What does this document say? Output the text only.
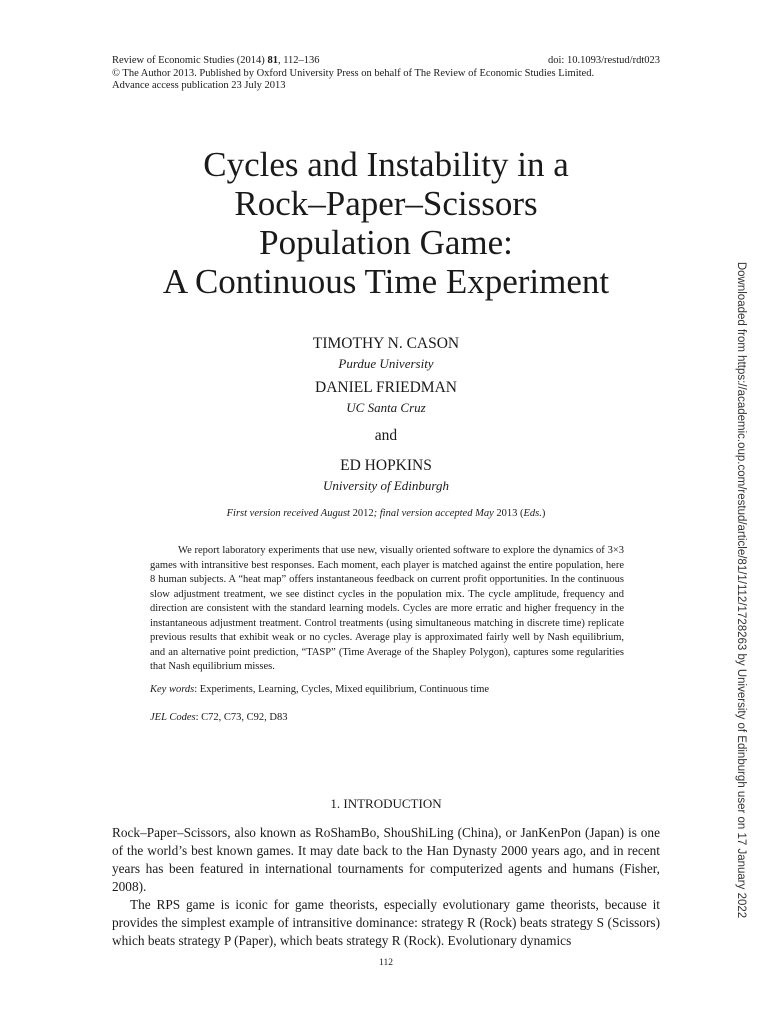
Review of Economic Studies (2014) 81, 112–136	doi: 10.1093/restud/rdt023
© The Author 2013. Published by Oxford University Press on behalf of The Review of Economic Studies Limited.
Advance access publication 23 July 2013
Cycles and Instability in a
Rock–Paper–Scissors
Population Game:
A Continuous Time Experiment
TIMOTHY N. CASON
Purdue University
DANIEL FRIEDMAN
UC Santa Cruz
and
ED HOPKINS
University of Edinburgh
First version received August 2012; final version accepted May 2013 (Eds.)

We report laboratory experiments that use new, visually oriented software to explore the dynamics of 3×3 games with intransitive best responses. Each moment, each player is matched against the entire population, here 8 human subjects. A “heat map” offers instantaneous feedback on current profit opportunities. In the continuous slow adjustment treatment, we see distinct cycles in the population mix. The cycle amplitude, frequency and direction are consistent with the standard learning models. Cycles are more erratic and higher frequency in the instantaneous adjustment treatment. Control treatments (using simultaneous matching in discrete time) replicate previous results that exhibit weak or no cycles. Average play is approximated fairly well by Nash equilibrium, and an alternative point prediction, “TASP” (Time Average of the Shapley Polygon), captures some regularities that Nash equilibrium misses.

Key words: Experiments, Learning, Cycles, Mixed equilibrium, Continuous time
JEL Codes: C72, C73, C92, D83
1. INTRODUCTION

Rock–Paper–Scissors, also known as RoShamBo, ShouShiLing (China), or JanKenPon (Japan) is one of the world’s best known games. It may date back to the Han Dynasty 2000 years ago, and in recent years has been featured in international tournaments for computerized agents and humans (Fisher, 2008).

The RPS game is iconic for game theorists, especially evolutionary game theorists, because it provides the simplest example of intransitive dominance: strategy R (Rock) beats strategy S (Scissors) which beats strategy P (Paper), which beats strategy R (Rock). Evolutionary dynamics

112
Downloaded from https://academic.oup.com/restud/article/81/1/112/1728263 by University of Edinburgh user on 17 January 2022
